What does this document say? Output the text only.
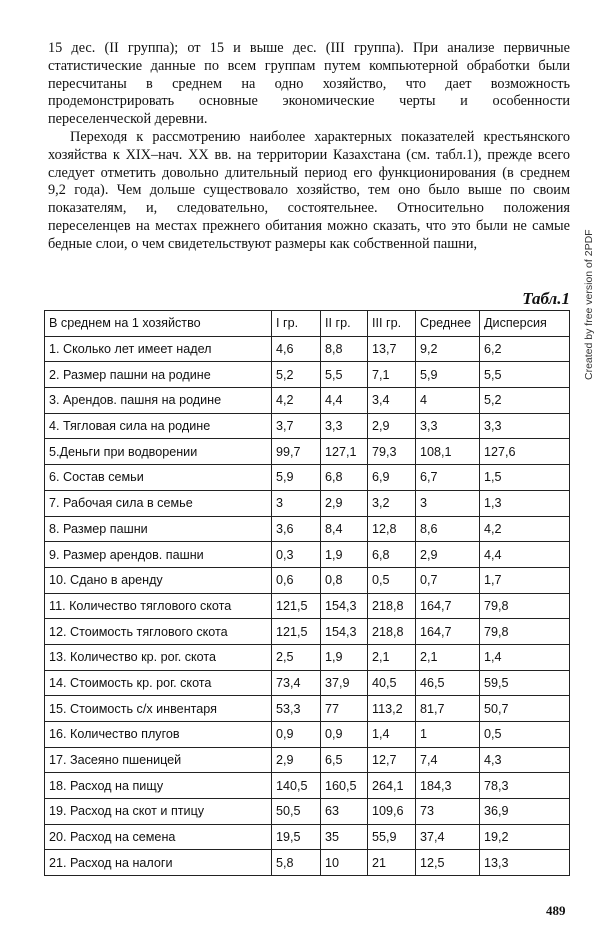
15 дес. (II группа); от 15 и выше дес. (III группа). При анализе первичные статистические данные по всем группам путем компьютерной обработки были пересчитаны в среднем на одно хозяйство, что дает возможность продемонстрировать основные экономические черты и особенности переселенческой деревни.

Переходя к рассмотрению наиболее характерных показателей крестьянского хозяйства к XIX–нач. XX вв. на территории Казахстана (см. табл.1), прежде всего следует отметить довольно длительный период его функционирования (в среднем 9,2 года). Чем дольше существовало хозяйство, тем оно было выше по своим показателям, и, следовательно, состоятельнее. Относительно положения переселенцев на местах прежнего обитания можно сказать, что это были не самые бедные слои, о чем свидетельствуют размеры как собственной пашни,

Табл.1
В среднем на 1 хозяйство	I гр.	II гр.	III гр.	Среднее	Дисперсия
1. Сколько лет имеет надел	4,6	8,8	13,7	9,2	6,2
2. Размер пашни на родине	5,2	5,5	7,1	5,9	5,5
3. Арендов. пашня на родине	4,2	4,4	3,4	4	5,2
4. Тягловая сила на родине	3,7	3,3	2,9	3,3	3,3
5.Деньги при водворении	99,7	127,1	79,3	108,1	127,6
6. Состав семьи	5,9	6,8	6,9	6,7	1,5
7. Рабочая сила в семье	3	2,9	3,2	3	1,3
8. Размер пашни	3,6	8,4	12,8	8,6	4,2
9. Размер арендов. пашни	0,3	1,9	6,8	2,9	4,4
10. Сдано в аренду	0,6	0,8	0,5	0,7	1,7
11. Количество тяглового скота	121,5	154,3	218,8	164,7	79,8
12. Стоимость тяглового скота	121,5	154,3	218,8	164,7	79,8
13. Количество кр. рог. скота	2,5	1,9	2,1	2,1	1,4
14. Стоимость кр. рог. скота	73,4	37,9	40,5	46,5	59,5
15. Стоимость с/х инвентаря	53,3	77	113,2	81,7	50,7
16. Количество плугов	0,9	0,9	1,4	1	0,5
17. Засеяно пшеницей	2,9	6,5	12,7	7,4	4,3
18. Расход на пищу	140,5	160,5	264,1	184,3	78,3
19. Расход на скот и птицу	50,5	63	109,6	73	36,9
20. Расход на семена	19,5	35	55,9	37,4	19,2
21. Расход на налоги	5,8	10	21	12,5	13,3
Created by free version of 2PDF
489
